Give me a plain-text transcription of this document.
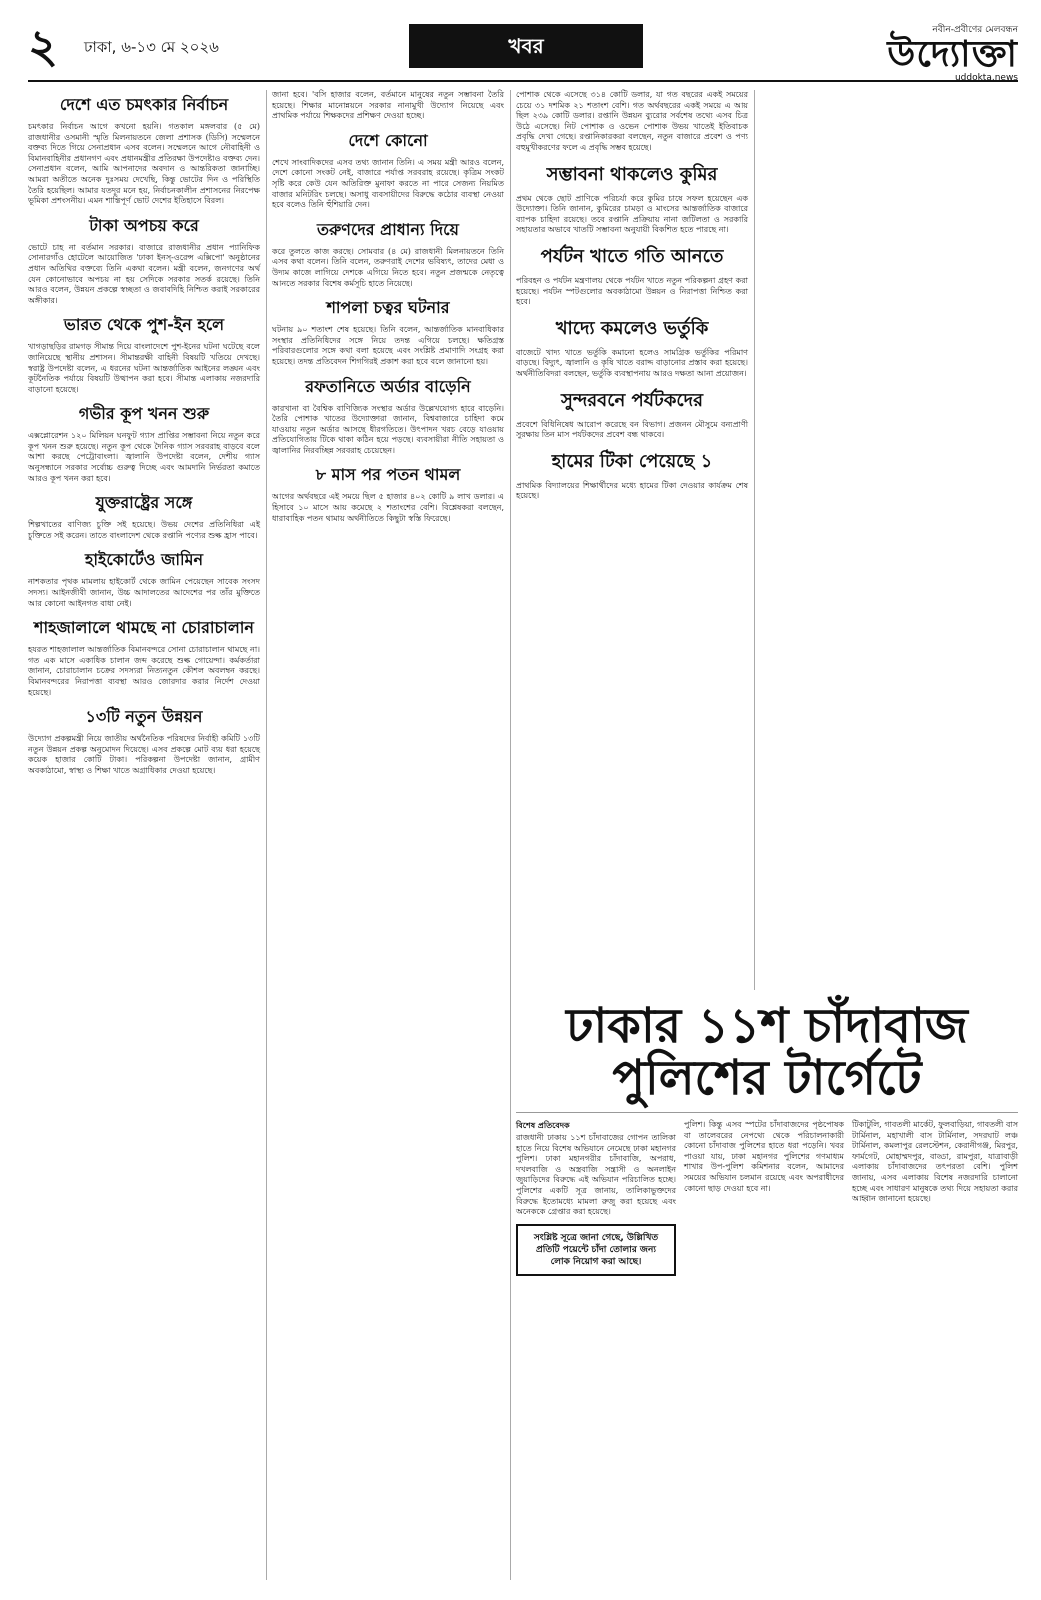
২ ঢাকা, ৬-১৩ মে ২০২৬	খবর
নবীন-প্রবীণের মেলবন্ধন
উদ্যোক্তা
uddokta.news
দেশে এত চমৎকার নির্বাচন
চমৎকার নির্বাচন আগে কখনো হয়নি। গতকাল মঙ্গলবার (৫ মে) রাজধানীর ওসমানী স্মৃতি মিলনায়তনে জেলা প্রশাসক (ডিসি) সম্মেলনে বক্তব্য দিতে গিয়ে সেনাপ্রধান এসব বলেন। সম্মেলনে আগে নৌবাহিনী ও বিমানবাহিনীর প্রধানগণ এবং প্রধানমন্ত্রীর প্রতিরক্ষা উপদেষ্টাও বক্তব্য দেন। সেনাপ্রধান বলেন, আমি আপনাদের অবদান ও আন্তরিকতা জানাচ্ছি। আমরা অতীতে অনেক দুঃসময় দেখেছি, কিন্তু ভোটের দিন ও পরিস্থিতি তৈরি হয়েছিল। আমার যতদূর মনে হয়, নির্বাচনকালীন প্রশাসনের নিরপেক্ষ ভূমিকা প্রশংসনীয়। এমন শান্তিপূর্ণ ভোট দেশের ইতিহাসে বিরল।
টাকা অপচয় করে
ভোটে চাহ না বর্তমান সরকার। বাজারে রাজধানীর প্রধান প্যানিফিক সোনারগাঁও হোটেলে আয়োজিত 'ঢাকা ইনস্-ওরেন্স এক্সিপো' অনুষ্ঠানের প্রধান অতিথির বক্তব্যে তিনি একথা বলেন। মন্ত্রী বলেন, জনগণের অর্থ যেন কোনোভাবে অপচয় না হয় সেদিকে সরকার সতর্ক রয়েছে। তিনি আরও বলেন, উন্নয়ন প্রকল্পে স্বচ্ছতা ও জবাবদিহি নিশ্চিত করাই সরকারের অঙ্গীকার।
ভারত থেকে পুশ-ইন হলে
খাগড়াছড়ির রামগড় সীমান্ত দিয়ে বাংলাদেশে পুশ-ইনের ঘটনা ঘটেছে বলে জানিয়েছে স্থানীয় প্রশাসন। সীমান্তরক্ষী বাহিনী বিষয়টি খতিয়ে দেখছে। স্বরাষ্ট্র উপদেষ্টা বলেন, এ ধরনের ঘটনা আন্তর্জাতিক আইনের লঙ্ঘন এবং কূটনৈতিক পর্যায়ে বিষয়টি উত্থাপন করা হবে। সীমান্ত এলাকায় নজরদারি বাড়ানো হয়েছে।
গভীর কূপ খনন শুরু
এক্সপ্লোরেশন ১২০ মিলিয়ন ঘনফুট গ্যাস প্রাপ্তির সম্ভাবনা নিয়ে নতুন করে কূপ খনন শুরু হয়েছে। নতুন কূপ থেকে দৈনিক গ্যাস সরবরাহ বাড়বে বলে আশা করছে পেট্রোবাংলা। জ্বালানি উপদেষ্টা বলেন, দেশীয় গ্যাস অনুসন্ধানে সরকার সর্বোচ্চ গুরুত্ব দিচ্ছে এবং আমদানি নির্ভরতা কমাতে আরও কূপ খনন করা হবে।
যুক্তরাষ্ট্রের সঙ্গে
শিল্পখাতের বাণিজ্য চুক্তি সই হয়েছে। উভয় দেশের প্রতিনিধিরা এই চুক্তিতে সই করেন। তাতে বাংলাদেশ থেকে রপ্তানি পণ্যের শুল্ক হ্রাস পাবে।
হাইকোর্টেও জামিন
নাশকতার পৃথক মামলায় হাইকোর্ট থেকে জামিন পেয়েছেন সাবেক সংসদ সদস্য। আইনজীবী জানান, উচ্চ আদালতের আদেশের পর তাঁর মুক্তিতে আর কোনো আইনগত বাধা নেই।
শাহজালালে থামছে না চোরাচালান
হযরত শাহজালাল আন্তর্জাতিক বিমানবন্দরে সোনা চোরাচালান থামছে না। গত এক মাসে একাধিক চালান জব্দ করেছে শুল্ক গোয়েন্দা। কর্মকর্তারা জানান, চোরাচালান চক্রের সদস্যরা নিত্যনতুন কৌশল অবলম্বন করছে। বিমানবন্দরের নিরাপত্তা ব্যবস্থা আরও জোরদার করার নির্দেশ দেওয়া হয়েছে।
১৩টি নতুন উন্নয়ন
উদ্যোগ প্রকল্পমন্ত্রী নিয়ে জাতীয় অর্থনৈতিক পরিষদের নির্বাহী কমিটি ১৩টি নতুন উন্নয়ন প্রকল্প অনুমোদন দিয়েছে। এসব প্রকল্পে মোট ব্যয় ধরা হয়েছে কয়েক হাজার কোটি টাকা। পরিকল্পনা উপদেষ্টা জানান, গ্রামীণ অবকাঠামো, স্বাস্থ্য ও শিক্ষা খাতে অগ্রাধিকার দেওয়া হয়েছে।
জানা হবে। 'বসি হাজার বলেন, বর্তমানে মানুষের নতুন সম্ভাবনা তৈরি হয়েছে। শিক্ষার মানোন্নয়নে সরকার নানামুখী উদ্যোগ নিয়েছে এবং প্রাথমিক পর্যায়ে শিক্ষকদের প্রশিক্ষণ দেওয়া হচ্ছে।
দেশে কোনো
শেখে সাংবাদিকদের এসব তথ্য জানান তিনি। এ সময় মন্ত্রী আরও বলেন, দেশে কোনো সংকট নেই, বাজারে পর্যাপ্ত সরবরাহ রয়েছে। কৃত্রিম সংকট সৃষ্টি করে কেউ যেন অতিরিক্ত মুনাফা করতে না পারে সেজন্য নিয়মিত বাজার মনিটরিং চলছে। অসাধু ব্যবসায়ীদের বিরুদ্ধে কঠোর ব্যবস্থা নেওয়া হবে বলেও তিনি হুঁশিয়ারি দেন।
তরুণদের প্রাধান্য দিয়ে
করে তুলতে কাজ করছে। সোমবার (৪ মে) রাজধানী মিলনায়তনে তিনি এসব কথা বলেন। তিনি বলেন, তরুণরাই দেশের ভবিষ্যৎ, তাদের মেধা ও উদ্যম কাজে লাগিয়ে দেশকে এগিয়ে নিতে হবে। নতুন প্রজন্মকে নেতৃত্বে আনতে সরকার বিশেষ কর্মসূচি হাতে নিয়েছে।
শাপলা চত্বর ঘটনার
ঘটনায় ৯০ শতাংশ শেষ হয়েছে। তিনি বলেন, আন্তর্জাতিক মানবাধিকার সংস্থার প্রতিনিধিদের সঙ্গে নিয়ে তদন্ত এগিয়ে চলছে। ক্ষতিগ্রস্ত পরিবারগুলোর সঙ্গে কথা বলা হয়েছে এবং সংশ্লিষ্ট প্রমাণাদি সংগ্রহ করা হয়েছে। তদন্ত প্রতিবেদন শিগগিরই প্রকাশ করা হবে বলে জানানো হয়।
রফতানিতে অর্ডার বাড়েনি
কারখানা বা বৈশ্বিক বাণিজ্যিক সংস্থার অর্ডার উল্লেখযোগ্য হারে বাড়েনি। তৈরি পোশাক খাতের উদ্যোক্তারা জানান, বিশ্ববাজারে চাহিদা কমে যাওয়ায় নতুন অর্ডার আসছে ধীরগতিতে। উৎপাদন খরচ বেড়ে যাওয়ায় প্রতিযোগিতায় টিকে থাকা কঠিন হয়ে পড়ছে। ব্যবসায়ীরা নীতি সহায়তা ও জ্বালানির নিরবচ্ছিন্ন সরবরাহ চেয়েছেন।
৮ মাস পর পতন থামল
আগের অর্থবছরে এই সময়ে ছিল ৫ হাজার ৪০২ কোটি ৯ লাখ ডলার। এ হিসাবে ১০ মাসে আয় কমেছে ২ শতাংশের বেশি। বিশ্লেষকরা বলছেন, ধারাবাহিক পতন থামায় অর্থনীতিতে কিছুটা স্বস্তি ফিরেছে।
পোশাক থেকে এসেছে ৩১৪ কোটি ডলার, যা গত বছরের একই সময়ের চেয়ে ৩১ দশমিক ২১ শতাংশ বেশি। গত অর্থবছরের একই সময়ে এ আয় ছিল ২৩৯ কোটি ডলার। রপ্তানি উন্নয়ন ব্যুরোর সর্বশেষ তথ্যে এসব চিত্র উঠে এসেছে। নিট পোশাক ও ওভেন পোশাক উভয় খাতেই ইতিবাচক প্রবৃদ্ধি দেখা গেছে। রপ্তানিকারকরা বলছেন, নতুন বাজারে প্রবেশ ও পণ্য বহুমুখীকরণের ফলে এ প্রবৃদ্ধি সম্ভব হয়েছে।
সম্ভাবনা থাকলেও কুমির
প্রথম থেকে ছোট প্রাণিকে পরিচর্যা করে কুমির চাষে সফল হয়েছেন এক উদ্যোক্তা। তিনি জানান, কুমিরের চামড়া ও মাংসের আন্তর্জাতিক বাজারে ব্যাপক চাহিদা রয়েছে। তবে রপ্তানি প্রক্রিয়ায় নানা জটিলতা ও সরকারি সহায়তার অভাবে খাতটি সম্ভাবনা অনুযায়ী বিকশিত হতে পারছে না।
পর্যটন খাতে গতি আনতে
পরিবহন ও পর্যটন মন্ত্রণালয় থেকে পর্যটন খাতে নতুন পরিকল্পনা গ্রহণ করা হয়েছে। পর্যটন স্পটগুলোর অবকাঠামো উন্নয়ন ও নিরাপত্তা নিশ্চিত করা হবে।
খাদ্যে কমলেও ভর্তুকি
বাজেটে খাদ্য খাতে ভর্তুকি কমানো হলেও সামগ্রিক ভর্তুকির পরিমাণ বাড়ছে। বিদ্যুৎ, জ্বালানি ও কৃষি খাতে বরাদ্দ বাড়ানোর প্রস্তাব করা হয়েছে। অর্থনীতিবিদরা বলছেন, ভর্তুকি ব্যবস্থাপনায় আরও দক্ষতা আনা প্রয়োজন।
সুন্দরবনে পর্যটকদের
প্রবেশে বিধিনিষেধ আরোপ করেছে বন বিভাগ। প্রজনন মৌসুমে বন্যপ্রাণী সুরক্ষায় তিন মাস পর্যটকদের প্রবেশ বন্ধ থাকবে।
হামের টিকা পেয়েছে ১
প্রাথমিক বিদ্যালয়ের শিক্ষার্থীদের মধ্যে হামের টিকা দেওয়ার কার্যক্রম শেষ হয়েছে।
ঢাকার ১১শ চাঁদাবাজ পুলিশের টার্গেটে
বিশেষ প্রতিবেদক
রাজধানী ঢাকায় ১১শ চাঁদাবাজের গোপন তালিকা হাতে নিয়ে বিশেষ অভিযানে নেমেছে ঢাকা মহানগর পুলিশ। ঢাকা মহানগরীর চাঁদাবাজি, অপরাধ, দখলবাজি ও অস্ত্রবাজি সন্ত্রাসী ও অনলাইন জুয়াড়িদের বিরুদ্ধে এই অভিযান পরিচালিত হচ্ছে। পুলিশের একটি সূত্র জানায়, তালিকাভুক্তদের বিরুদ্ধে ইতোমধ্যে মামলা রুজু করা হয়েছে এবং অনেককে গ্রেপ্তার করা হয়েছে।
সংশ্লিষ্ট সূত্রে জানা গেছে, উল্লিখিত প্রতিটি পয়েন্টে চাঁদা তোলার জন্য লোক নিয়োগ করা আছে।
পুলিশ। কিন্তু এসব স্পটের চাঁদাবাজদের পৃষ্ঠপোষক বা তালেবরের নেপথ্যে থেকে পরিচালনাকারী কোনো চাঁদাবাজ পুলিশের হাতে ধরা পড়েনি। খবর পাওয়া যায়, ঢাকা মহানগর পুলিশের গণমাধ্যম শাখার উপ-পুলিশ কমিশনার বলেন, আমাদের সময়ের অভিযান চলমান রয়েছে এবং অপরাধীদের কোনো ছাড় দেওয়া হবে না।
টিকাটুলি, গাবতলী মার্কেট, ফুলবাড়িয়া, গাবতলী বাস টার্মিনাল, মহাখালী বাস টার্মিনাল, সদরঘাট লঞ্চ টার্মিনাল, কমলাপুর রেলস্টেশন, কেরানীগঞ্জ, মিরপুর, ফার্মগেট, মোহাম্মদপুর, বাড্ডা, রামপুরা, যাত্রাবাড়ী এলাকায় চাঁদাবাজদের তৎপরতা বেশি। পুলিশ জানায়, এসব এলাকায় বিশেষ নজরদারি চালানো হচ্ছে এবং সাধারণ মানুষকে তথ্য দিয়ে সহায়তা করার আহ্বান জানানো হয়েছে।
